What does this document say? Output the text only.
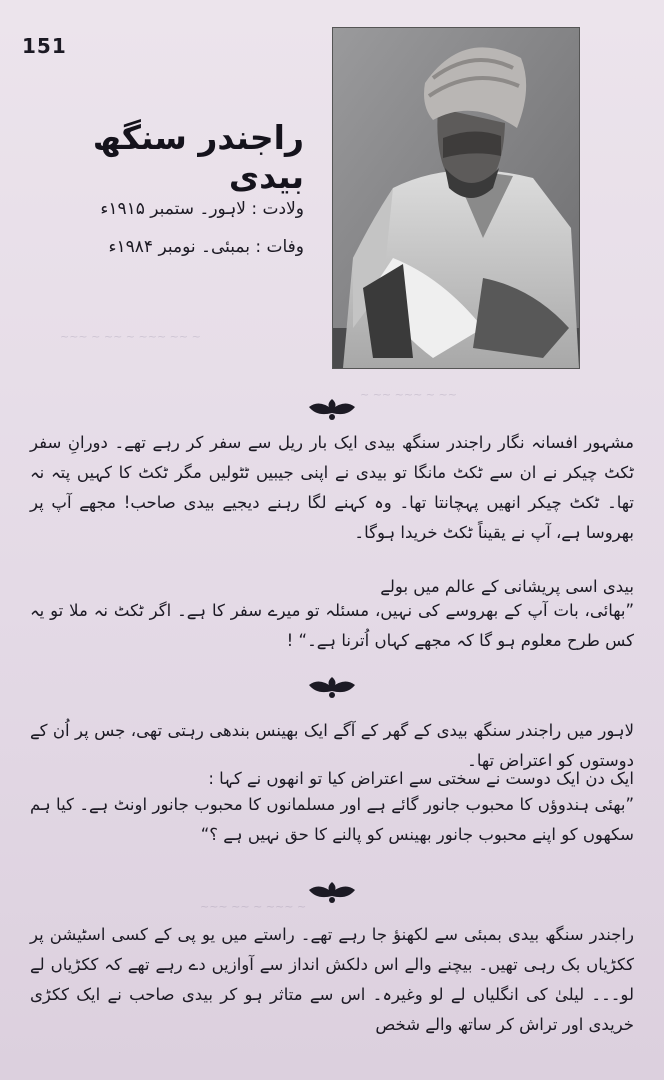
~ ~~ ~~~ ~ ~~ ~ ~~~
~~ ~ ~~~ ~~ ~
~ ~~~ ~ ~~ ~~~
151
راجندر سنگھ بیدی
ولادت : لاہور۔ ستمبر ۱۹۱۵ء
وفات : بمبئی۔ نومبر ۱۹۸۴ء
مشہور افسانہ نگار راجندر سنگھ بیدی ایک بار ریل سے سفر کر رہے تھے۔ دورانِ سفر ٹکٹ چیکر نے ان سے ٹکٹ مانگا تو بیدی نے اپنی جیبیں ٹٹولیں مگر ٹکٹ کا کہیں پتہ نہ تھا۔ ٹکٹ چیکر انھیں پہچانتا تھا۔ وہ کہنے لگا رہنے دیجیے بیدی صاحب! مجھے آپ پر بھروسا ہے، آپ نے یقیناً ٹکٹ خریدا ہوگا۔
بیدی اسی پریشانی کے عالم میں بولے
”بھائی، بات آپ کے بھروسے کی نہیں، مسئلہ تو میرے سفر کا ہے۔ اگر ٹکٹ نہ ملا تو یہ کس طرح معلوم ہو گا کہ مجھے کہاں اُترنا ہے۔“ !
لاہور میں راجندر سنگھ بیدی کے گھر کے آگے ایک بھینس بندھی رہتی تھی، جس پر اُن کے دوستوں کو اعتراض تھا۔
ایک دن ایک دوست نے سختی سے اعتراض کیا تو انھوں نے کہا :
”بھئی ہندوؤں کا محبوب جانور گائے ہے اور مسلمانوں کا محبوب جانور اونٹ ہے۔ کیا ہم سکھوں کو اپنے محبوب جانور بھینس کو پالنے کا حق نہیں ہے ؟“
راجندر سنگھ بیدی بمبئی سے لکھنؤ جا رہے تھے۔ راستے میں یو پی کے کسی اسٹیشن پر ککڑیاں بک رہی تھیں۔ بیچنے والے اس دلکش انداز سے آوازیں دے رہے تھے کہ ککڑیاں لے لو۔۔۔ لیلیٰ کی انگلیاں لے لو وغیرہ۔ اس سے متاثر ہو کر بیدی صاحب نے ایک ککڑی خریدی اور تراش کر ساتھ والے شخص
